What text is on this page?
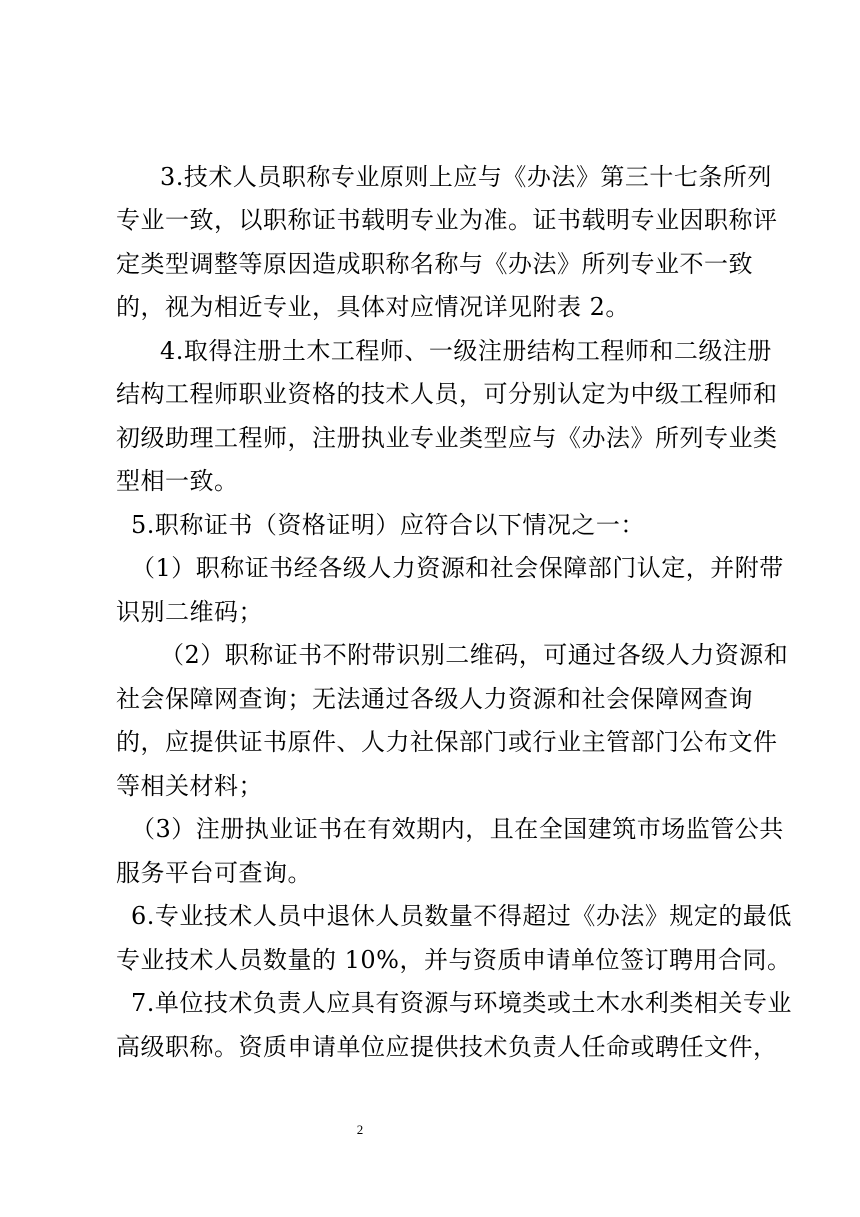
3.技术人员职称专业原则上应与《办法》第三十七条所列
专业一致，以职称证书载明专业为准。证书载明专业因职称评
定类型调整等原因造成职称名称与《办法》所列专业不一致
的，视为相近专业，具体对应情况详见附表 2。
4.取得注册土木工程师、一级注册结构工程师和二级注册
结构工程师职业资格的技术人员，可分别认定为中级工程师和
初级助理工程师，注册执业专业类型应与《办法》所列专业类
型相一致。
5.职称证书（资格证明）应符合以下情况之一：
（1）职称证书经各级人力资源和社会保障部门认定，并附带
识别二维码；
（2）职称证书不附带识别二维码，可通过各级人力资源和
社会保障网查询；无法通过各级人力资源和社会保障网查询
的，应提供证书原件、人力社保部门或行业主管部门公布文件
等相关材料；
（3）注册执业证书在有效期内，且在全国建筑市场监管公共
服务平台可查询。
6.专业技术人员中退休人员数量不得超过《办法》规定的最低
专业技术人员数量的 10%，并与资质申请单位签订聘用合同。
7.单位技术负责人应具有资源与环境类或土木水利类相关专业
高级职称。资质申请单位应提供技术负责人任命或聘任文件，
2
